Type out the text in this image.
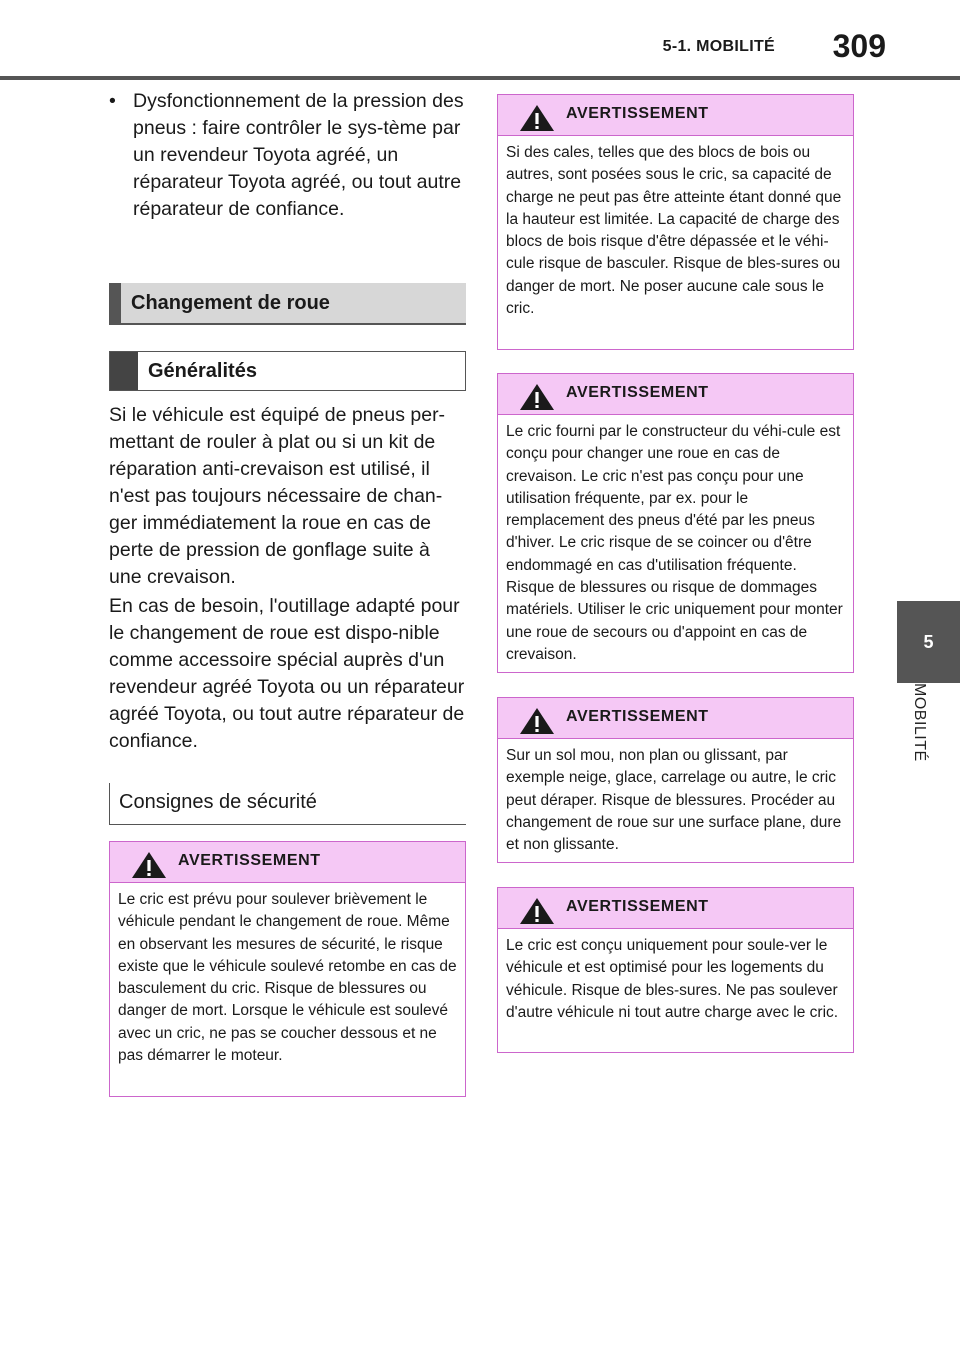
5-1. MOBILITÉ 309
5
MOBILITÉ

• Dysfonctionnement de la pression des pneus : faire contrôler le sys-tème par un revendeur Toyota agréé, un réparateur Toyota agréé, ou tout autre réparateur de confiance.

Changement de roue
Généralités

Si le véhicule est équipé de pneus per-mettant de rouler à plat ou si un kit de réparation anti-crevaison est utilisé, il n'est pas toujours nécessaire de chan-ger immédiatement la roue en cas de perte de pression de gonflage suite à une crevaison.

En cas de besoin, l'outillage adapté pour le changement de roue est dispo-nible comme accessoire spécial auprès d'un revendeur agréé Toyota ou un réparateur agréé Toyota, ou tout autre réparateur de confiance.

Consignes de sécurité
AVERTISSEMENT
Le cric est prévu pour soulever brièvement le véhicule pendant le changement de roue. Même en observant les mesures de sécurité, le risque existe que le véhicule soulevé retombe en cas de basculement du cric. Risque de blessures ou danger de mort. Lorsque le véhicule est soulevé avec un cric, ne pas se coucher dessous et ne pas démarrer le moteur.
AVERTISSEMENT
Si des cales, telles que des blocs de bois ou autres, sont posées sous le cric, sa capacité de charge ne peut pas être atteinte étant donné que la hauteur est limitée. La capacité de charge des blocs de bois risque d'être dépassée et le véhi-cule risque de basculer. Risque de bles-sures ou danger de mort. Ne poser aucune cale sous le cric.
AVERTISSEMENT
Le cric fourni par le constructeur du véhi-cule est conçu pour changer une roue en cas de crevaison. Le cric n'est pas conçu pour une utilisation fréquente, par ex. pour le remplacement des pneus d'été par les pneus d'hiver. Le cric risque de se coincer ou d'être endommagé en cas d'utilisation fréquente. Risque de blessures ou risque de dommages matériels. Utiliser le cric uniquement pour monter une roue de secours ou d'appoint en cas de crevaison.
AVERTISSEMENT
Sur un sol mou, non plan ou glissant, par exemple neige, glace, carrelage ou autre, le cric peut déraper. Risque de blessures. Procéder au changement de roue sur une surface plane, dure et non glissante.
AVERTISSEMENT
Le cric est conçu uniquement pour soule-ver le véhicule et est optimisé pour les logements du véhicule. Risque de bles-sures. Ne pas soulever d'autre véhicule ni tout autre charge avec le cric.
